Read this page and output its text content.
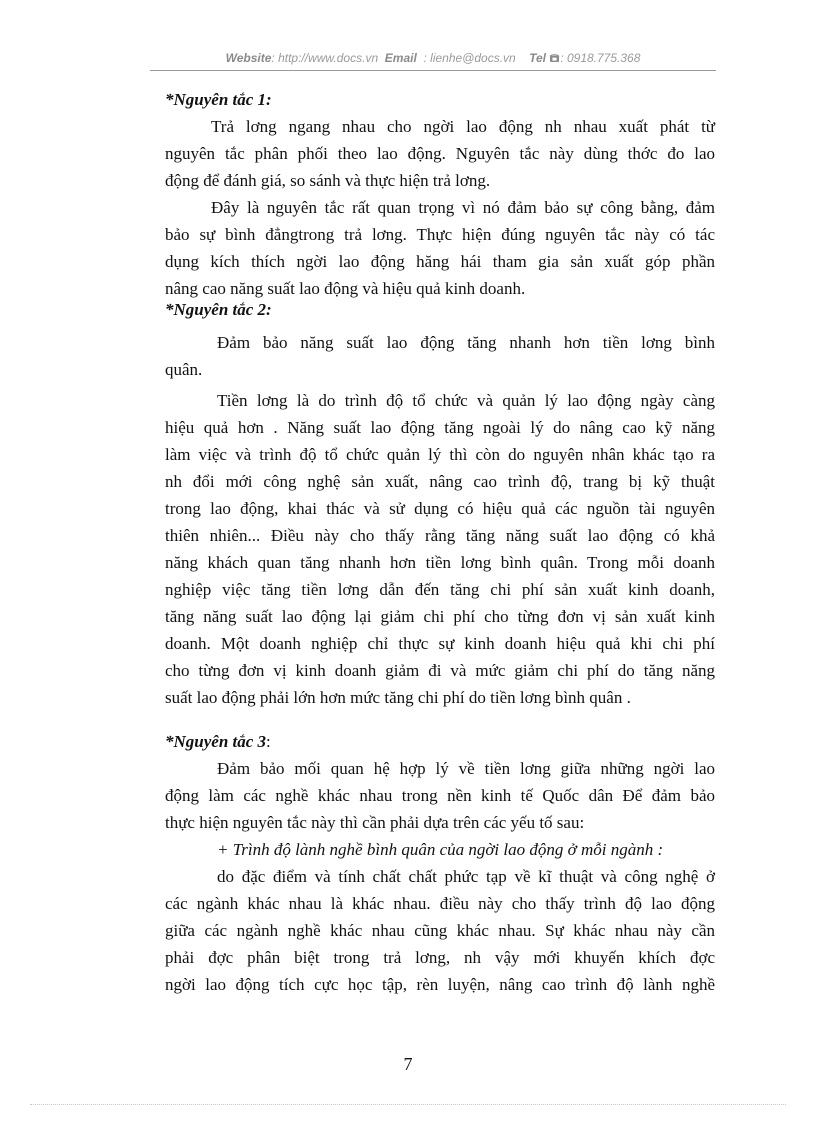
Website: http://www.docs.vn Email : lienhe@docs.vn Tel : 0918.775.368
*Nguyên tắc 1:
Trả lơng ngang nhau cho ngời lao động nh nhau xuất phát từ
nguyên tắc phân phối theo lao động. Nguyên tắc này dùng thớc đo lao
động để đánh giá, so sánh và thực hiện trả lơng.
Đây là nguyên tắc rất quan trọng vì nó đảm bảo sự công bằng, đảm
bảo sự bình đẳngtrong trả lơng. Thực hiện đúng nguyên tắc này có tác
dụng kích thích ngời lao động hăng hái tham gia sản xuất góp phần
nâng cao năng suất lao động và hiệu quả kinh doanh.
*Nguyên tắc 2:
Đảm bảo năng suất lao động tăng nhanh hơn tiền lơng bình
quân.
Tiền lơng là do trình độ tổ chức và quản lý lao động ngày càng
hiệu quả hơn . Năng suất lao động tăng ngoài lý do nâng cao kỹ năng
làm việc và trình độ tổ chức quản lý thì còn do nguyên nhân khác tạo ra
nh đổi mới công nghệ sản xuất, nâng cao trình độ, trang bị kỹ thuật
trong lao động, khai thác và sử dụng có hiệu quả các nguồn tài nguyên
thiên nhiên... Điều này cho thấy rằng tăng năng suất lao động có khả
năng khách quan tăng nhanh hơn tiền lơng bình quân. Trong mỗi doanh
nghiệp việc tăng tiền lơng dẫn đến tăng chi phí sản xuất kinh doanh,
tăng năng suất lao động lại giảm chi phí cho từng đơn vị sản xuất kinh
doanh. Một doanh nghiệp chỉ thực sự kinh doanh hiệu quả khi chi phí
cho từng đơn vị kinh doanh giảm đi và mức giảm chi phí do tăng năng
suất lao động phải lớn hơn mức tăng chi phí do tiền lơng bình quân .
*Nguyên tắc 3:
Đảm bảo mối quan hệ hợp lý về tiền lơng giữa những ngời lao
động làm các nghề khác nhau trong nền kinh tế Quốc dân Để đảm bảo
thực hiện nguyên tắc này thì cần phải dựa trên các yếu tố sau:
+ Trình độ lành nghề bình quân của ngời lao động ở mỗi ngành :
do đặc điểm và tính chất chất phức tạp về kĩ thuật và công nghệ ở
các ngành khác nhau là khác nhau. điều này cho thấy trình độ lao động
giữa các ngành nghề khác nhau cũng khác nhau. Sự khác nhau này cần
phải đợc phân biệt trong trả lơng, nh vậy mới khuyến khích đợc
ngời lao động tích cực học tập, rèn luyện, nâng cao trình độ lành nghề
7
